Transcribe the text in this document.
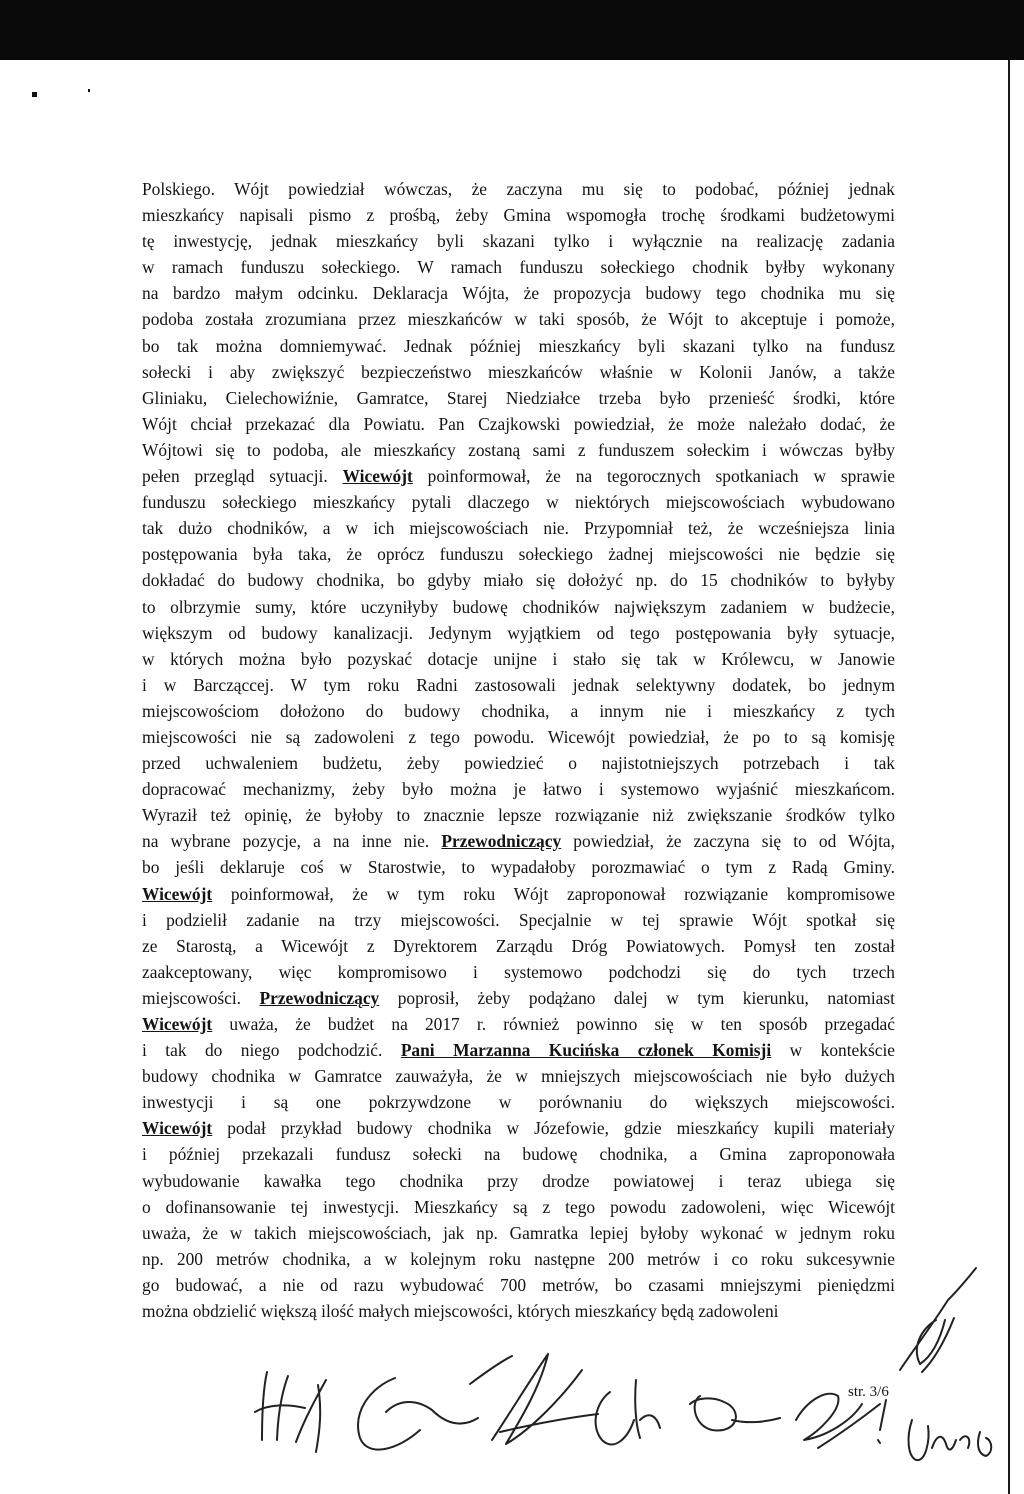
Polskiego. Wójt powiedział wówczas, że zaczyna mu się to podobać, później jednak
mieszkańcy napisali pismo z prośbą, żeby Gmina wspomogła trochę środkami budżetowymi
tę inwestycję, jednak mieszkańcy byli skazani tylko i wyłącznie na realizację zadania
w ramach funduszu sołeckiego. W ramach funduszu sołeckiego chodnik byłby wykonany
na bardzo małym odcinku. Deklaracja Wójta, że propozycja budowy tego chodnika mu się
podoba została zrozumiana przez mieszkańców w taki sposób, że Wójt to akceptuje i pomoże,
bo tak można domniemywać. Jednak później mieszkańcy byli skazani tylko na fundusz
sołecki i aby zwiększyć bezpieczeństwo mieszkańców właśnie w Kolonii Janów, a także
Gliniaku, Cielechowiźnie, Gamratce, Starej Niedziałce trzeba było przenieść środki, które
Wójt chciał przekazać dla Powiatu. Pan Czajkowski powiedział, że może należało dodać, że
Wójtowi się to podoba, ale mieszkańcy zostaną sami z funduszem sołeckim i wówczas byłby
pełen przegląd sytuacji. Wicewójt poinformował, że na tegorocznych spotkaniach w sprawie
funduszu sołeckiego mieszkańcy pytali dlaczego w niektórych miejscowościach wybudowano
tak dużo chodników, a w ich miejscowościach nie. Przypomniał też, że wcześniejsza linia
postępowania była taka, że oprócz funduszu sołeckiego żadnej miejscowości nie będzie się
dokładać do budowy chodnika, bo gdyby miało się dołożyć np. do 15 chodników to byłyby
to olbrzymie sumy, które uczyniłyby budowę chodników największym zadaniem w budżecie,
większym od budowy kanalizacji. Jedynym wyjątkiem od tego postępowania były sytuacje,
w których można było pozyskać dotacje unijne i stało się tak w Królewcu, w Janowie
i w Barcząccej. W tym roku Radni zastosowali jednak selektywny dodatek, bo jednym
miejscowościom dołożono do budowy chodnika, a innym nie i mieszkańcy z tych
miejscowości nie są zadowoleni z tego powodu. Wicewójt powiedział, że po to są komisję
przed uchwaleniem budżetu, żeby powiedzieć o najistotniejszych potrzebach i tak
dopracować mechanizmy, żeby było można je łatwo i systemowo wyjaśnić mieszkańcom.
Wyraził też opinię, że byłoby to znacznie lepsze rozwiązanie niż zwiększanie środków tylko
na wybrane pozycje, a na inne nie. Przewodniczący powiedział, że zaczyna się to od Wójta,
bo jeśli deklaruje coś w Starostwie, to wypadałoby porozmawiać o tym z Radą Gminy.
Wicewójt poinformował, że w tym roku Wójt zaproponował rozwiązanie kompromisowe
i podzielił zadanie na trzy miejscowości. Specjalnie w tej sprawie Wójt spotkał się
ze Starostą, a Wicewójt z Dyrektorem Zarządu Dróg Powiatowych. Pomysł ten został
zaakceptowany, więc kompromisowo i systemowo podchodzi się do tych trzech
miejscowości. Przewodniczący poprosił, żeby podążano dalej w tym kierunku, natomiast
Wicewójt uważa, że budżet na 2017 r. również powinno się w ten sposób przegadać
i tak do niego podchodzić. Pani Marzanna Kucińska członek Komisji w kontekście
budowy chodnika w Gamratce zauważyła, że w mniejszych miejscowościach nie było dużych
inwestycji i są one pokrzywdzone w porównaniu do większych miejscowości.
Wicewójt podał przykład budowy chodnika w Józefowie, gdzie mieszkańcy kupili materiały
i później przekazali fundusz sołecki na budowę chodnika, a Gmina zaproponowała
wybudowanie kawałka tego chodnika przy drodze powiatowej i teraz ubiega się
o dofinansowanie tej inwestycji. Mieszkańcy są z tego powodu zadowoleni, więc Wicewójt
uważa, że w takich miejscowościach, jak np. Gamratka lepiej byłoby wykonać w jednym roku
np. 200 metrów chodnika, a w kolejnym roku następne 200 metrów i co roku sukcesywnie
go budować, a nie od razu wybudować 700 metrów, bo czasami mniejszymi pieniędzmi
można obdzielić większą ilość małych miejscowości, których mieszkańcy będą zadowoleni
str. 3/6
